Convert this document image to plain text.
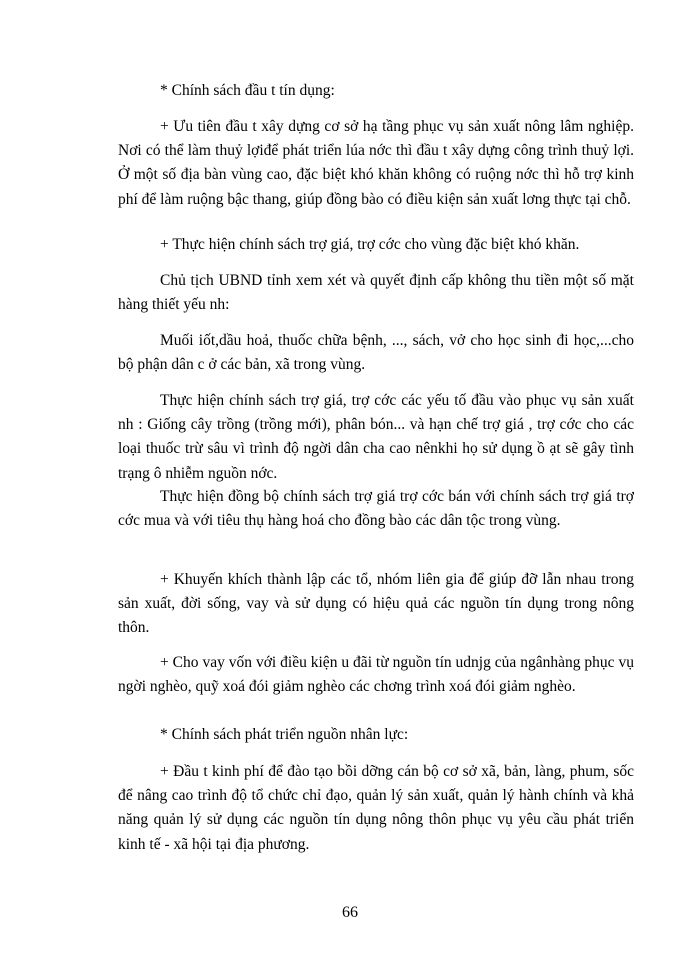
* Chính sách đầu t tín dụng:

+ Ưu tiên đầu t xây dựng cơ sở hạ tầng phục vụ sản xuất nông lâm nghiệp. Nơi có thể làm thuỷ lợiđể phát triển lúa nớc thì đầu t xây dựng công trình thuỷ lợi. Ở một số địa bàn vùng cao, đặc biệt khó khăn không có ruộng nớc thì hỗ trợ kinh phí để làm ruộng bậc thang, giúp đồng bào có điều kiện sản xuất lơng thực tại chỗ.

+ Thực hiện chính sách trợ giá, trợ cớc cho vùng đặc biệt khó khăn.

Chủ tịch UBND tỉnh xem xét và quyết định cấp không thu tiền một số mặt hàng thiết yếu nh:

Muối iốt,dầu hoả, thuốc chữa bệnh, ..., sách, vở cho học sinh đi học,...cho bộ phận dân c ở các bản, xã trong vùng.

Thực hiện chính sách trợ giá, trợ cớc các yếu tố đầu vào phục vụ sản xuất nh : Giống cây trồng (trồng mới), phân bón... và hạn chế trợ giá , trợ cớc cho các loại thuốc trừ sâu vì trình độ ngời dân cha cao nênkhi họ sử dụng ồ ạt sẽ gây tình trạng ô nhiễm nguồn nớc.

Thực hiện đồng bộ chính sách trợ giá trợ cớc bán với chính sách trợ giá trợ cớc mua và với tiêu thụ hàng hoá cho đồng bào các dân tộc trong vùng.

+ Khuyến khích thành lập các tổ, nhóm liên gia để giúp đỡ lẫn nhau trong sản xuất, đời sống, vay và sử dụng có hiệu quả các nguồn tín dụng trong nông thôn.

+ Cho vay vốn với điều kiện u đãi từ nguồn tín udnjg của ngânhàng phục vụ ngời nghèo, quỹ xoá đói giảm nghèo các chơng trình xoá đói giảm nghèo.

* Chính sách phát triển nguồn nhân lực:

+ Đầu t kinh phí để đào tạo bồi dỡng cán bộ cơ sở xã, bản, làng, phum, sốc để nâng cao trình độ tổ chức chỉ đạo, quản lý sản xuất, quản lý hành chính và khả năng quản lý sử dụng các nguồn tín dụng nông thôn phục vụ yêu cầu phát triển kinh tế - xã hội tại địa phương.

66
